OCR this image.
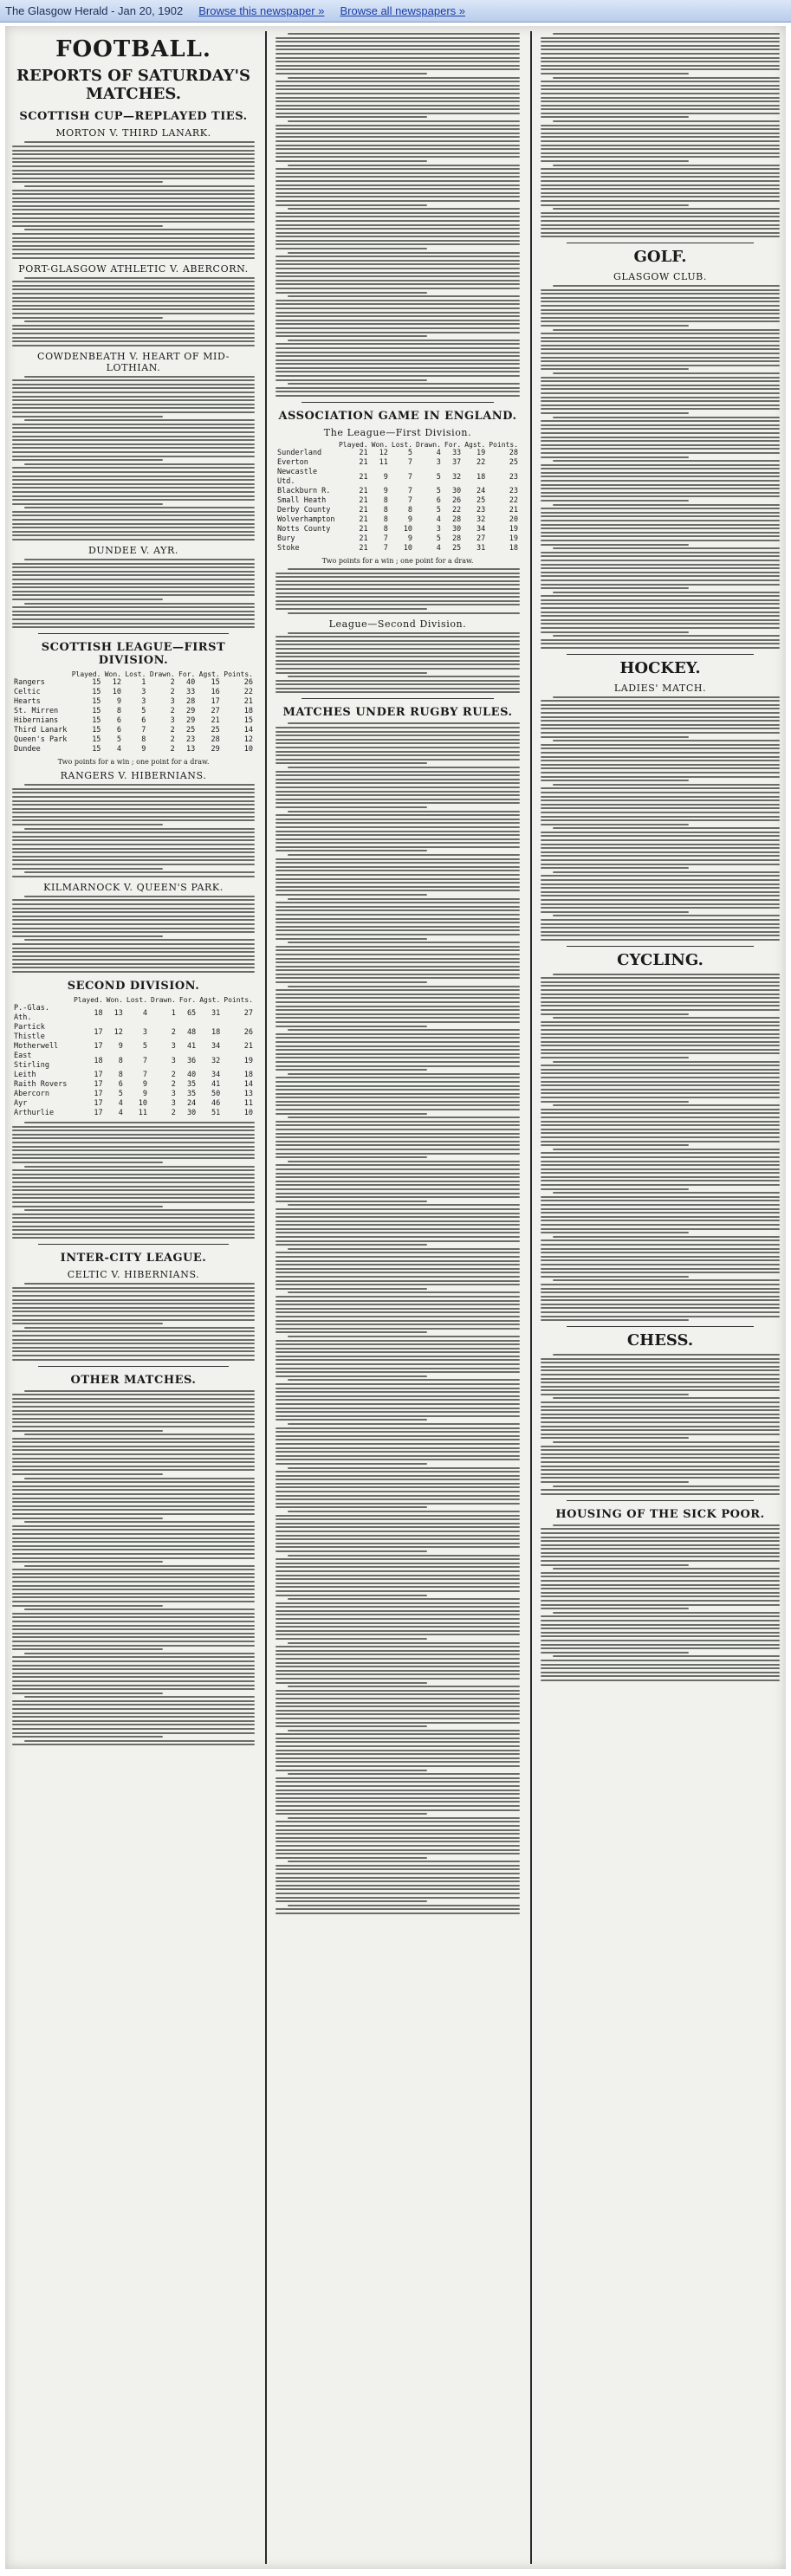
The Glasgow Herald - Jan 20, 1902 Browse this newspaper » Browse all newspapers »
FOOTBALL.
REPORTS OF SATURDAY'S MATCHES.
SCOTTISH CUP—REPLAYED TIES.
MORTON V. THIRD LANARK.
PORT-GLASGOW ATHLETIC V. ABERCORN.
COWDENBEATH V. HEART OF MID-LOTHIAN.
DUNDEE V. AYR.
SCOTTISH LEAGUE—FIRST DIVISION.
	Played.	Won.	Lost.	Drawn.	For.	Agst.	Points.
Rangers	15	12	1	2	40	15	26
Celtic	15	10	3	2	33	16	22
Hearts	15	9	3	3	28	17	21
St. Mirren	15	8	5	2	29	27	18
Hibernians	15	6	6	3	29	21	15
Third Lanark	15	6	7	2	25	25	14
Queen's Park	15	5	8	2	23	28	12
Dundee	15	4	9	2	13	29	10
Two points for a win ; one point for a draw.
RANGERS V. HIBERNIANS.
KILMARNOCK V. QUEEN'S PARK.
SECOND DIVISION.
	Played.	Won.	Lost.	Drawn.	For.	Agst.	Points.
P.-Glas. Ath.	18	13	4	1	65	31	27
Partick Thistle	17	12	3	2	48	18	26
Motherwell	17	9	5	3	41	34	21
East Stirling	18	8	7	3	36	32	19
Leith	17	8	7	2	40	34	18
Raith Rovers	17	6	9	2	35	41	14
Abercorn	17	5	9	3	35	50	13
Ayr	17	4	10	3	24	46	11
Arthurlie	17	4	11	2	30	51	10
INTER-CITY LEAGUE.
CELTIC V. HIBERNIANS.
OTHER MATCHES.
ASSOCIATION GAME IN ENGLAND.
The League—First Division.
	Played.	Won.	Lost.	Drawn.	For.	Agst.	Points.
Sunderland	21	12	5	4	33	19	28
Everton	21	11	7	3	37	22	25
Newcastle Utd.	21	9	7	5	32	18	23
Blackburn R.	21	9	7	5	30	24	23
Small Heath	21	8	7	6	26	25	22
Derby County	21	8	8	5	22	23	21
Wolverhampton	21	8	9	4	28	32	20
Notts County	21	8	10	3	30	34	19
Bury	21	7	9	5	28	27	19
Stoke	21	7	10	4	25	31	18
Two points for a win ; one point for a draw.
League—Second Division.
MATCHES UNDER RUGBY RULES.
GOLF.
GLASGOW CLUB.
HOCKEY.
LADIES' MATCH.
CYCLING.
CHESS.
HOUSING OF THE SICK POOR.
